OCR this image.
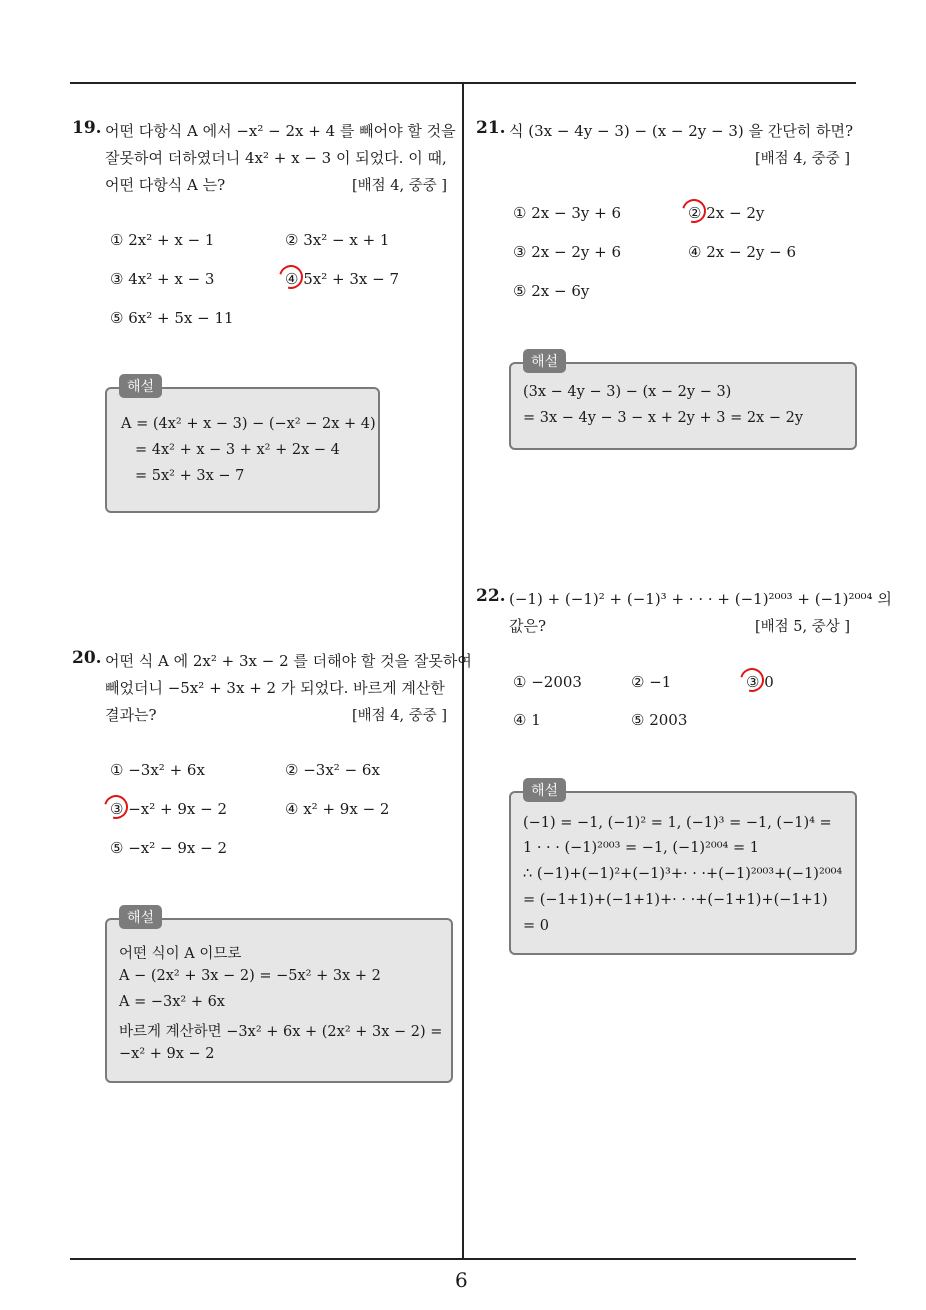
6
19. 어떤 다항식 A 에서 −x² − 2x + 4 를 빼어야 할 것을
잘못하여 더하였더니 4x² + x − 3 이 되었다. 이 때,
어떤 다항식 A 는?	[배점 4, 중중 ]
① 2x² + x − 1	② 3x² − x + 1
③ 4x² + x − 3	④ 5x² + 3x − 7
⑤ 6x² + 5x − 11
해설
A = (4x² + x − 3) − (−x² − 2x + 4)
= 4x² + x − 3 + x² + 2x − 4
= 5x² + 3x − 7
20. 어떤 식 A 에 2x² + 3x − 2 를 더해야 할 것을 잘못하여
빼었더니 −5x² + 3x + 2 가 되었다. 바르게 계산한
결과는?	[배점 4, 중중 ]
① −3x² + 6x	② −3x² − 6x
③ −x² + 9x − 2	④ x² + 9x − 2
⑤ −x² − 9x − 2
해설
어떤 식이 A 이므로
A − (2x² + 3x − 2) = −5x² + 3x + 2
A = −3x² + 6x
바르게 계산하면 −3x² + 6x + (2x² + 3x − 2) =
−x² + 9x − 2
21. 식 (3x − 4y − 3) − (x − 2y − 3) 을 간단히 하면?
[배점 4, 중중 ]
① 2x − 3y + 6	② 2x − 2y
③ 2x − 2y + 6	④ 2x − 2y − 6
⑤ 2x − 6y
해설
(3x − 4y − 3) − (x − 2y − 3)
= 3x − 4y − 3 − x + 2y + 3 = 2x − 2y
22. (−1) + (−1)² + (−1)³ + · · · + (−1)²⁰⁰³ + (−1)²⁰⁰⁴ 의
값은?	[배점 5, 중상 ]
① −2003	② −1	③ 0
④ 1	⑤ 2003
해설
(−1) = −1, (−1)² = 1, (−1)³ = −1, (−1)⁴ =
1 · · · (−1)²⁰⁰³ = −1, (−1)²⁰⁰⁴ = 1
∴ (−1)+(−1)²+(−1)³+· · ·+(−1)²⁰⁰³+(−1)²⁰⁰⁴
= (−1+1)+(−1+1)+· · ·+(−1+1)+(−1+1)
= 0
